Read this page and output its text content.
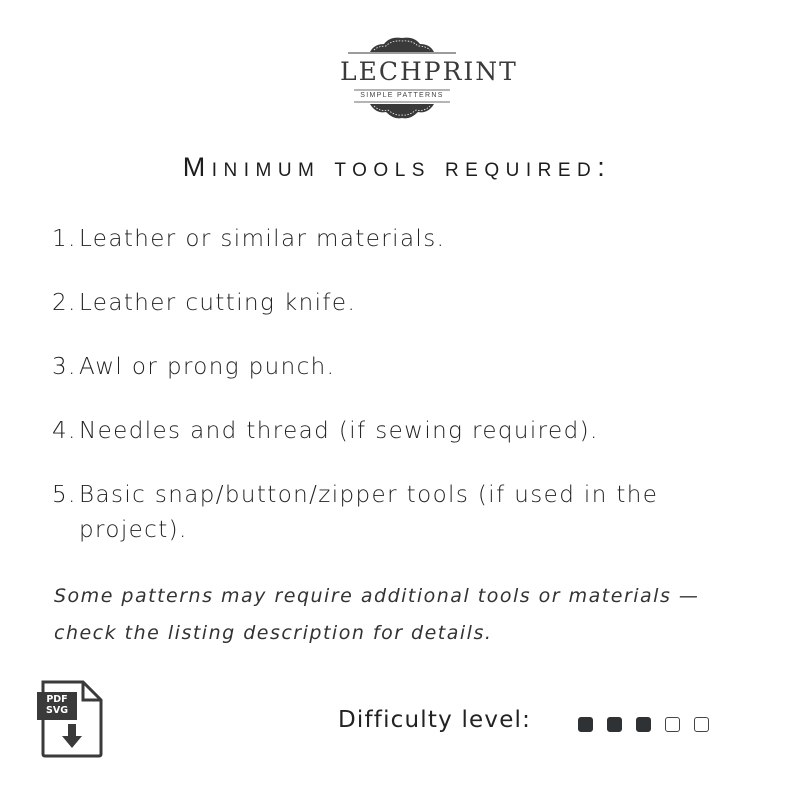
LECHPRINT
SIMPLE PATTERNS
Minimum tools required:
1. Leather or similar materials.
2. Leather cutting knife.
3. Awl or prong punch.
4. Needles and thread (if sewing required).
5. Basic snap/button/zipper tools (if used in the project).
Some patterns may require additional tools or materials — check the listing description for details.
PDF
SVG	Difficulty level:
